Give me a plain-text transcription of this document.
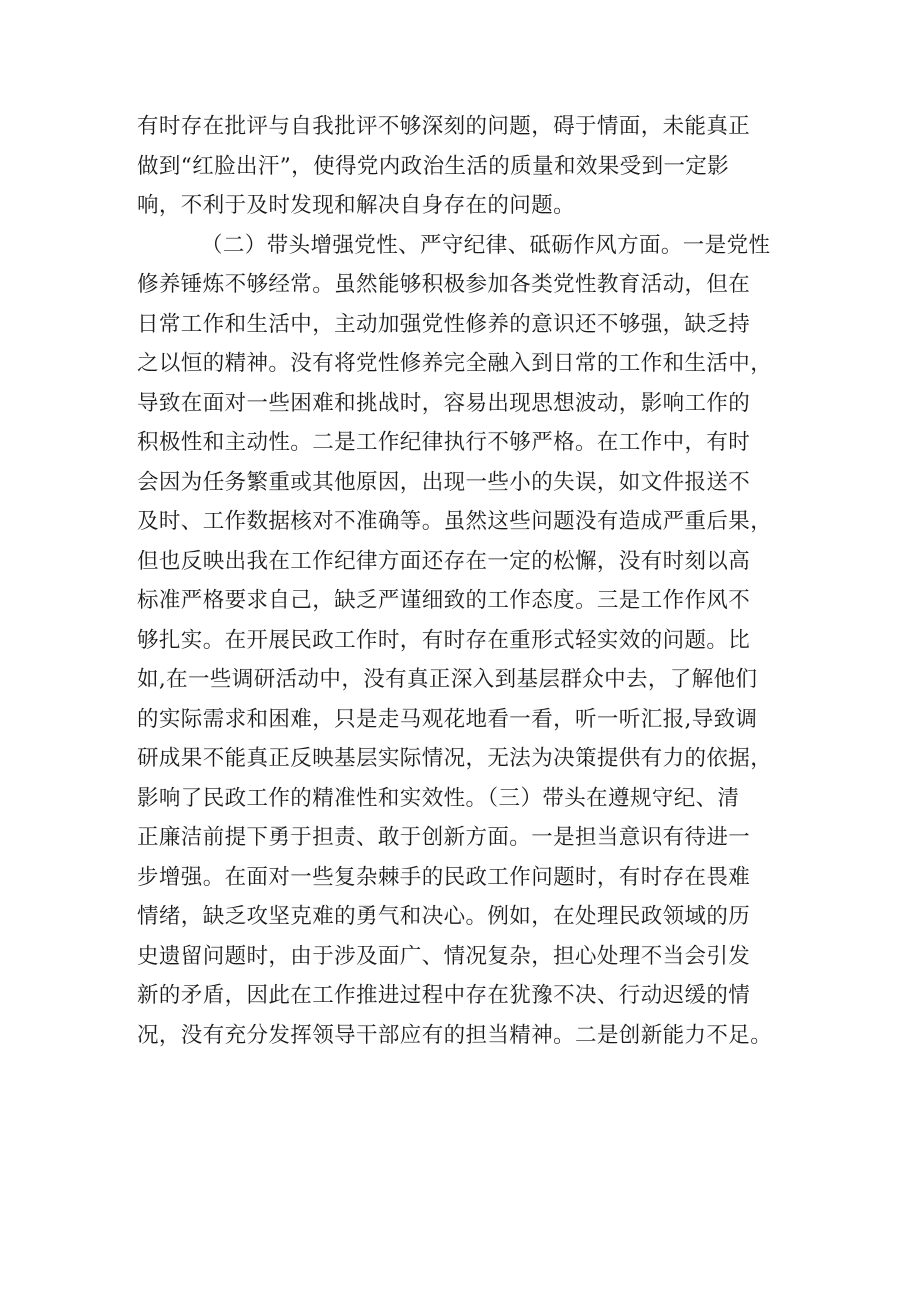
有时存在批评与自我批评不够深刻的问题，碍于情面，未能真正
做到“红脸出汗”，使得党内政治生活的质量和效果受到一定影
响，不利于及时发现和解决自身存在的问题。
（二）带头增强党性、严守纪律、砥砺作风方面。一是党性
修养锤炼不够经常。虽然能够积极参加各类党性教育活动，但在
日常工作和生活中，主动加强党性修养的意识还不够强，缺乏持
之以恒的精神。没有将党性修养完全融入到日常的工作和生活中，
导致在面对一些困难和挑战时，容易出现思想波动，影响工作的
积极性和主动性。二是工作纪律执行不够严格。在工作中，有时
会因为任务繁重或其他原因，出现一些小的失误，如文件报送不
及时、工作数据核对不准确等。虽然这些问题没有造成严重后果，
但也反映出我在工作纪律方面还存在一定的松懈，没有时刻以高
标准严格要求自己，缺乏严谨细致的工作态度。三是工作作风不
够扎实。在开展民政工作时，有时存在重形式轻实效的问题。比
如,在一些调研活动中，没有真正深入到基层群众中去，了解他们
的实际需求和困难，只是走马观花地看一看，听一听汇报,导致调
研成果不能真正反映基层实际情况，无法为决策提供有力的依据，
影响了民政工作的精准性和实效性。（三）带头在遵规守纪、清
正廉洁前提下勇于担责、敢于创新方面。一是担当意识有待进一
步增强。在面对一些复杂棘手的民政工作问题时，有时存在畏难
情绪，缺乏攻坚克难的勇气和决心。例如，在处理民政领域的历
史遗留问题时，由于涉及面广、情况复杂，担心处理不当会引发
新的矛盾，因此在工作推进过程中存在犹豫不决、行动迟缓的情
况，没有充分发挥领导干部应有的担当精神。二是创新能力不足。
